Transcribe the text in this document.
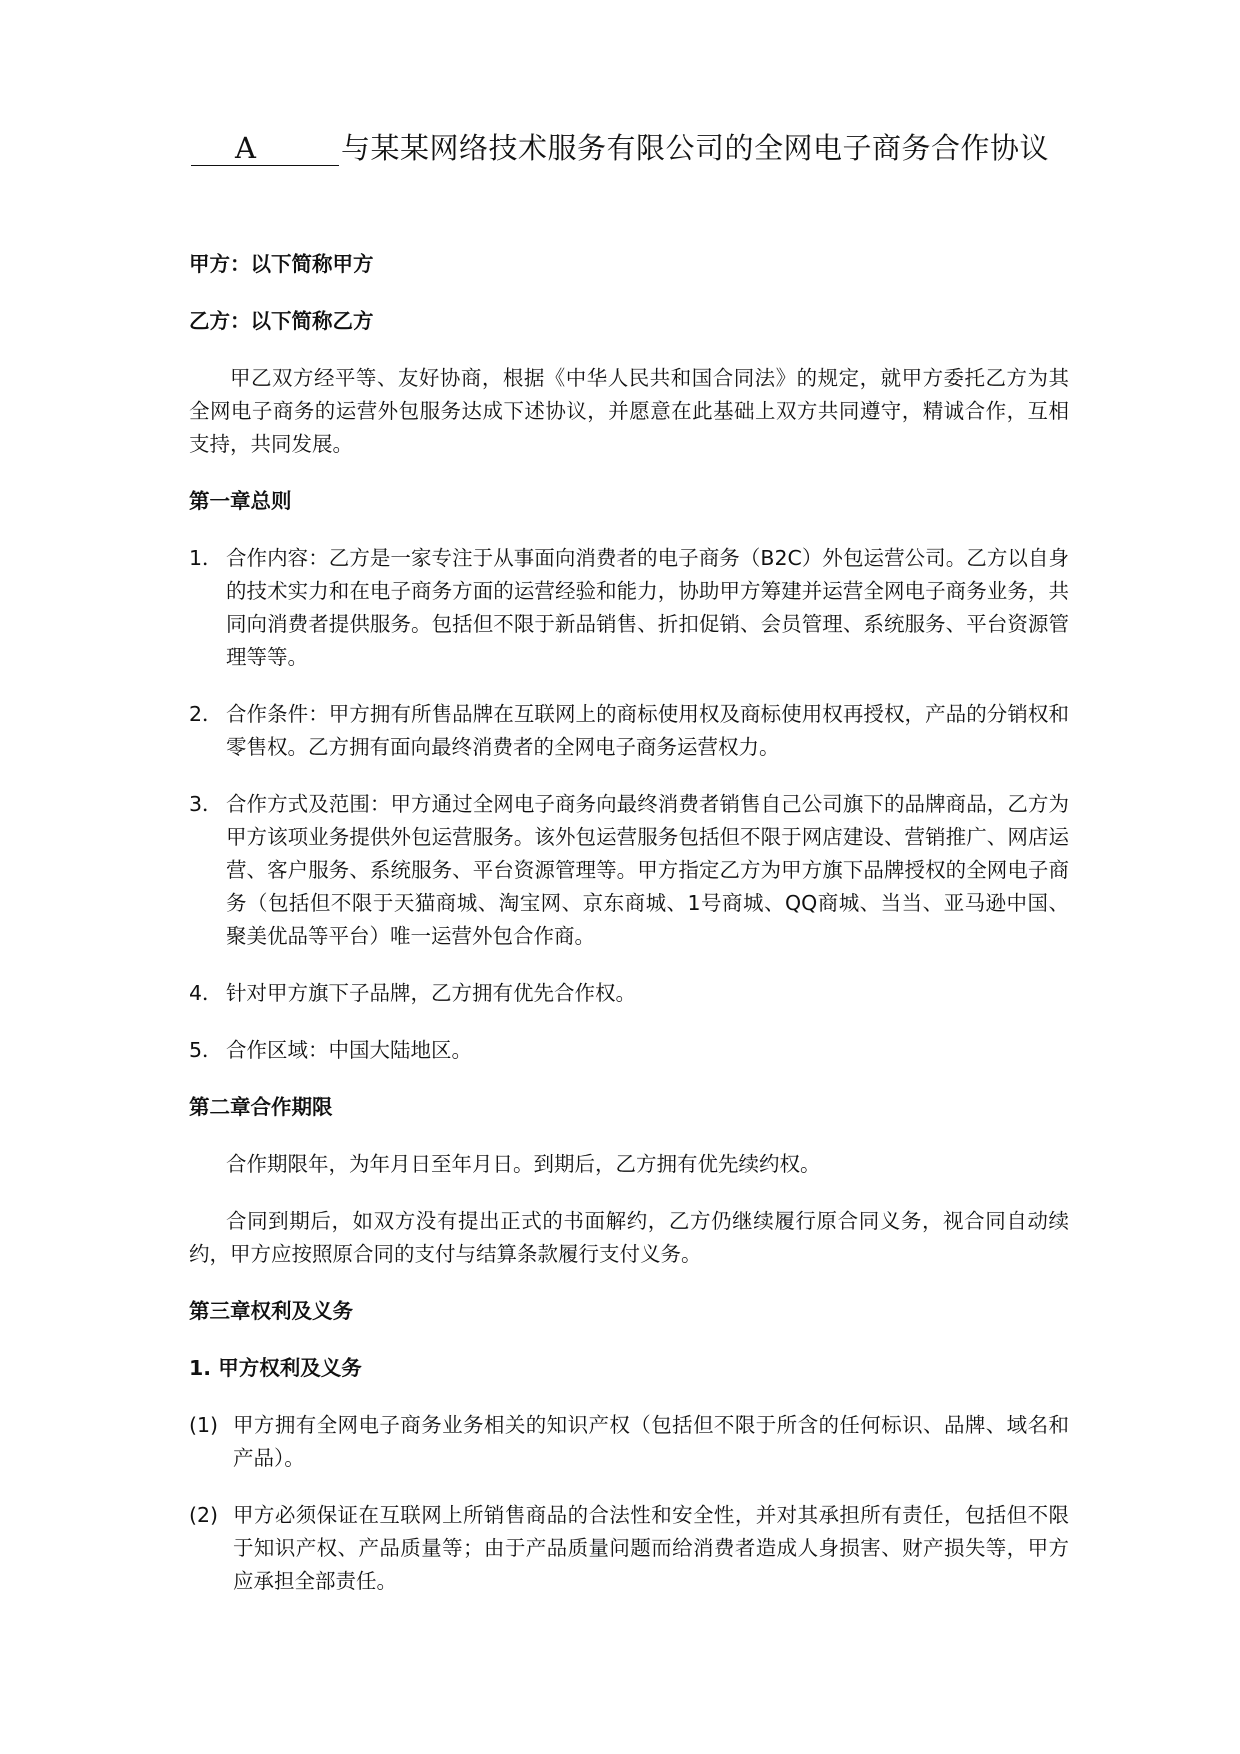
A	与某某网络技术服务有限公司的全网电子商务合作协议
甲方：以下简称甲方
乙方：以下简称乙方
甲乙双方经平等、友好协商，根据《中华人民共和国合同法》的规定，就甲方委托乙方为其全网电子商务的运营外包服务达成下述协议，并愿意在此基础上双方共同遵守，精诚合作，互相支持，共同发展。
第一章总则
1． 合作内容：乙方是一家专注于从事面向消费者的电子商务（B2C）外包运营公司。乙方以自身的技术实力和在电子商务方面的运营经验和能力，协助甲方筹建并运营全网电子商务业务，共同向消费者提供服务。包括但不限于新品销售、折扣促销、会员管理、系统服务、平台资源管理等等。
2． 合作条件：甲方拥有所售品牌在互联网上的商标使用权及商标使用权再授权，产品的分销权和零售权。乙方拥有面向最终消费者的全网电子商务运营权力。
3． 合作方式及范围：甲方通过全网电子商务向最终消费者销售自己公司旗下的品牌商品，乙方为甲方该项业务提供外包运营服务。该外包运营服务包括但不限于网店建设、营销推广、网店运营、客户服务、系统服务、平台资源管理等。甲方指定乙方为甲方旗下品牌授权的全网电子商务（包括但不限于天猫商城、淘宝网、京东商城、1号商城、QQ商城、当当、亚马逊中国、聚美优品等平台）唯一运营外包合作商。
4． 针对甲方旗下子品牌，乙方拥有优先合作权。
5． 合作区域：中国大陆地区。
第二章合作期限
合作期限年，为年月日至年月日。到期后，乙方拥有优先续约权。
合同到期后，如双方没有提出正式的书面解约，乙方仍继续履行原合同义务，视合同自动续约，甲方应按照原合同的支付与结算条款履行支付义务。
第三章权利及义务
1. 甲方权利及义务
(1) 甲方拥有全网电子商务业务相关的知识产权（包括但不限于所含的任何标识、品牌、域名和产品）。
(2) 甲方必须保证在互联网上所销售商品的合法性和安全性，并对其承担所有责任，包括但不限于知识产权、产品质量等；由于产品质量问题而给消费者造成人身损害、财产损失等，甲方应承担全部责任。
